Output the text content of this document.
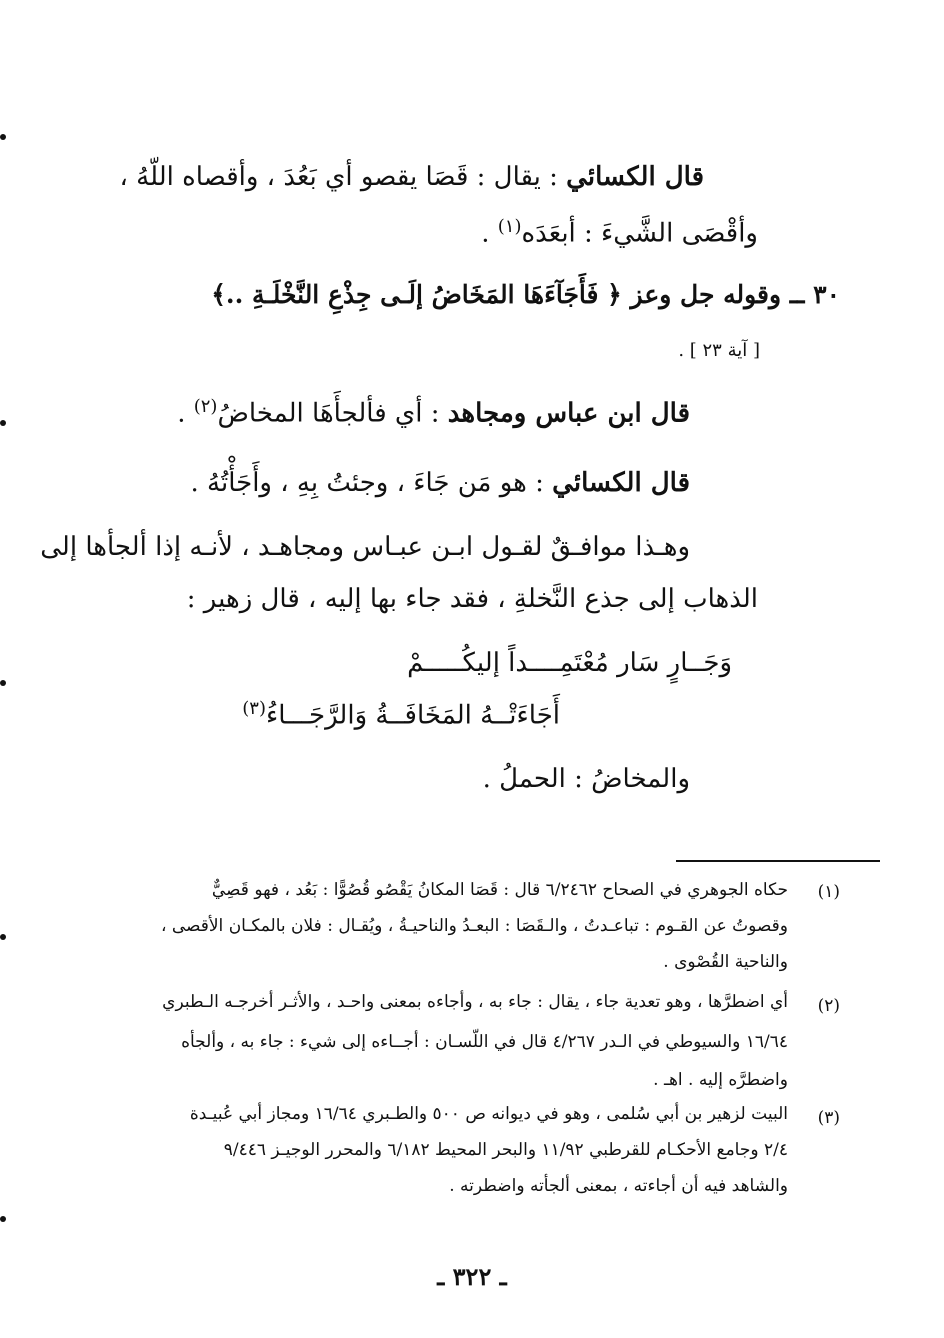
قال الكسائي : يقال : قَصَا يقصو أي بَعُدَ ، وأقصاه اللّهُ ،
وأقْصَى الشَّيءَ : أبعَدَه$^{(١)}$ .
٣٠ ــ وقوله جل وعز ﴿ فَأَجَآءَهَا المَخَاضُ إلَـى جِذْعِ النَّخْلَـةِ ..﴾
[ آية ٢٣ ] .
قال ابن عباس ومجاهد : أي فألجأَهَا المخاضُ$^{(٢)}$ .
قال الكسائي : هو مَن جَاءَ ، وجئتُ بِهِ ، وأَجَأْتُهُ .
وهـذا موافـقٌ لقـول ابـن عبـاس ومجاهـد ، لأنـه إذا ألجأها إلى
الذهاب إلى جذع النَّخلةِ ، فقد جاء بها إليه ، قال زهير :
وَجَــارٍ سَار مُعْتَمِــــداً إليكُـــــمْ
أَجَاءَتْــهُ المَخَافَــةُ وَالرَّجَـــاءُ$^{(٣)}$
والمخاضُ : الحملُ .
(١)
حكاه الجوهري في الصحاح ٦/٢٤٦٢ قال : قَصَا المكانُ يَقْصُو قُصُوًّا : بَعُد ، فهو قَصِيٌّ
وقصوتُ عن القـوم : تباعـدتُ ، والـقَصَا : البعـدُ والناحيـةُ ، ويُقـال : فلان بالمكـان الأقصى ،
والناحية القُصْوى .
(٢)
أي اضطرَّها ، وهو تعدية جاء ، يقال : جاء به ، وأجاءه بمعنى واحـد ، والأثـر أخرجـه الـطبري
١٦/٦٤ والسيوطي في الـدر ٤/٢٦٧ قال في اللّسـان : أجــاءه إلى شيء : جاء به ، وألجأه
واضطرَّه إليه . اهـ .
(٣)
البيت لزهير بن أبي سُلمى ، وهو في ديوانه ص ٥٠٠ والطـبري ١٦/٦٤ ومجاز أبي عُبيـدة
٢/٤ وجامع الأحكـام للقرطبي ١١/٩٢ والبحر المحيط ٦/١٨٢ والمحرر الوجيـز ٩/٤٤٦
والشاهد فيه أن أجاءته ، بمعنى ألجأته واضطرته .
ـ ٣٢٢ ـ
